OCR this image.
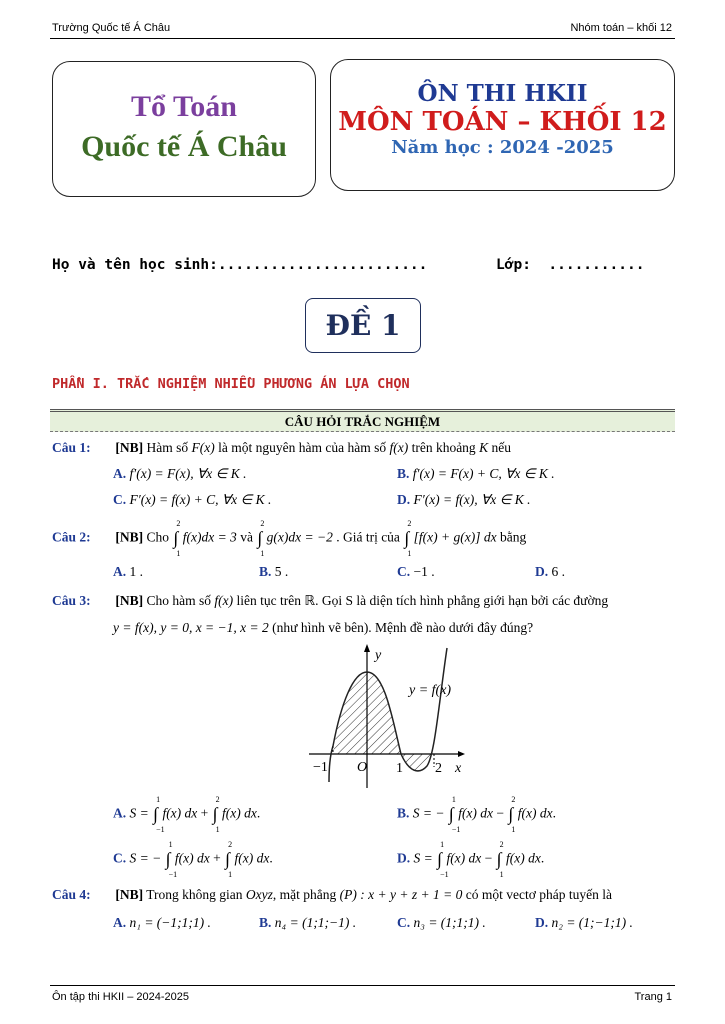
Trường Quốc tế Á Châu	Nhóm toán – khối 12
Tổ Toán
Quốc tế Á Châu
ÔN THI HKII
MÔN TOÁN – KHỐI 12
Năm học : 2024 -2025
Họ và tên học sinh:........................	Lớp: ...........
ĐỀ 1
PHẦN I. TRẮC NGHIỆM NHIỀU PHƯƠNG ÁN LỰA CHỌN
CÂU HỎI TRẮC NGHIỆM
Câu 1: [NB] Hàm số F(x) là một nguyên hàm của hàm số f(x) trên khoảng K nếu
A. f′(x) = F(x), ∀x ∈ K .	B. f′(x) = F(x) + C, ∀x ∈ K .
C. F′(x) = f(x) + C, ∀x ∈ K .	D. F′(x) = f(x), ∀x ∈ K .
Câu 2: [NB] Cho ∫
2
1
f(x)dx = 3 và ∫
2
1
g(x)dx = −2 . Giá trị của ∫
2
1
[f(x) + g(x)] dx bằng
A. 1 .	B. 5 .	C. −1 .	D. 6 .
Câu 3: [NB] Cho hàm số f(x) liên tục trên ℝ. Gọi S là diện tích hình phẳng giới hạn bởi các đường
y = f(x), y = 0, x = −1, x = 2 (như hình vẽ bên). Mệnh đề nào dưới đây đúng?
y
x
y = f(x)
O
−1	1 2
A. S = ∫
1
−1
f(x) dx + ∫
2
1
f(x) dx.	B. S = − ∫
1
−1
f(x) dx − ∫
2
1
f(x) dx.
C. S = − ∫
1
−1
f(x) dx + ∫
2
1
f(x) dx.	D. S = ∫
1
−1
f(x) dx − ∫
2
1
f(x) dx.
Câu 4: [NB] Trong không gian Oxyz, mặt phẳng (P) : x + y + z + 1 = 0 có một vectơ pháp tuyến là
A. n₁ = (−1;1;1) .	B. n₄ = (1;1;−1) .	C. n₃ = (1;1;1) .	D. n₂ = (1;−1;1) .
Ôn tập thi HKII – 2024-2025	Trang 1
